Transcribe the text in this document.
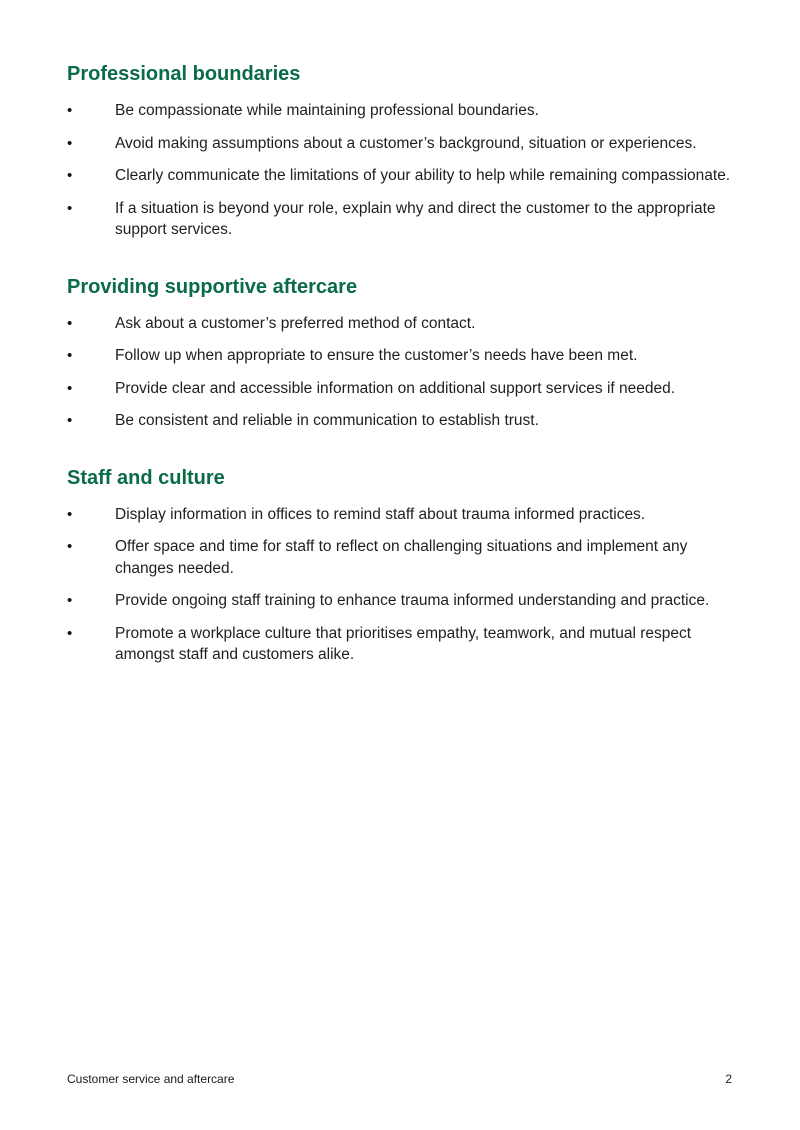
Professional boundaries
•	Be compassionate while maintaining professional boundaries.
•	Avoid making assumptions about a customer’s background, situation or experiences.
•	Clearly communicate the limitations of your ability to help while remaining compassionate.
•	If a situation is beyond your role, explain why and direct the customer to the appropriate support services.
Providing supportive aftercare
•	Ask about a customer’s preferred method of contact.
•	Follow up when appropriate to ensure the customer’s needs have been met.
•	Provide clear and accessible information on additional support services if needed.
•	Be consistent and reliable in communication to establish trust.
Staff and culture
•	Display information in offices to remind staff about trauma informed practices.
•	Offer space and time for staff to reflect on challenging situations and implement any changes needed.
•	Provide ongoing staff training to enhance trauma informed understanding and practice.
•	Promote a workplace culture that prioritises empathy, teamwork, and mutual respect amongst staff and customers alike.
Customer service and aftercare	2
